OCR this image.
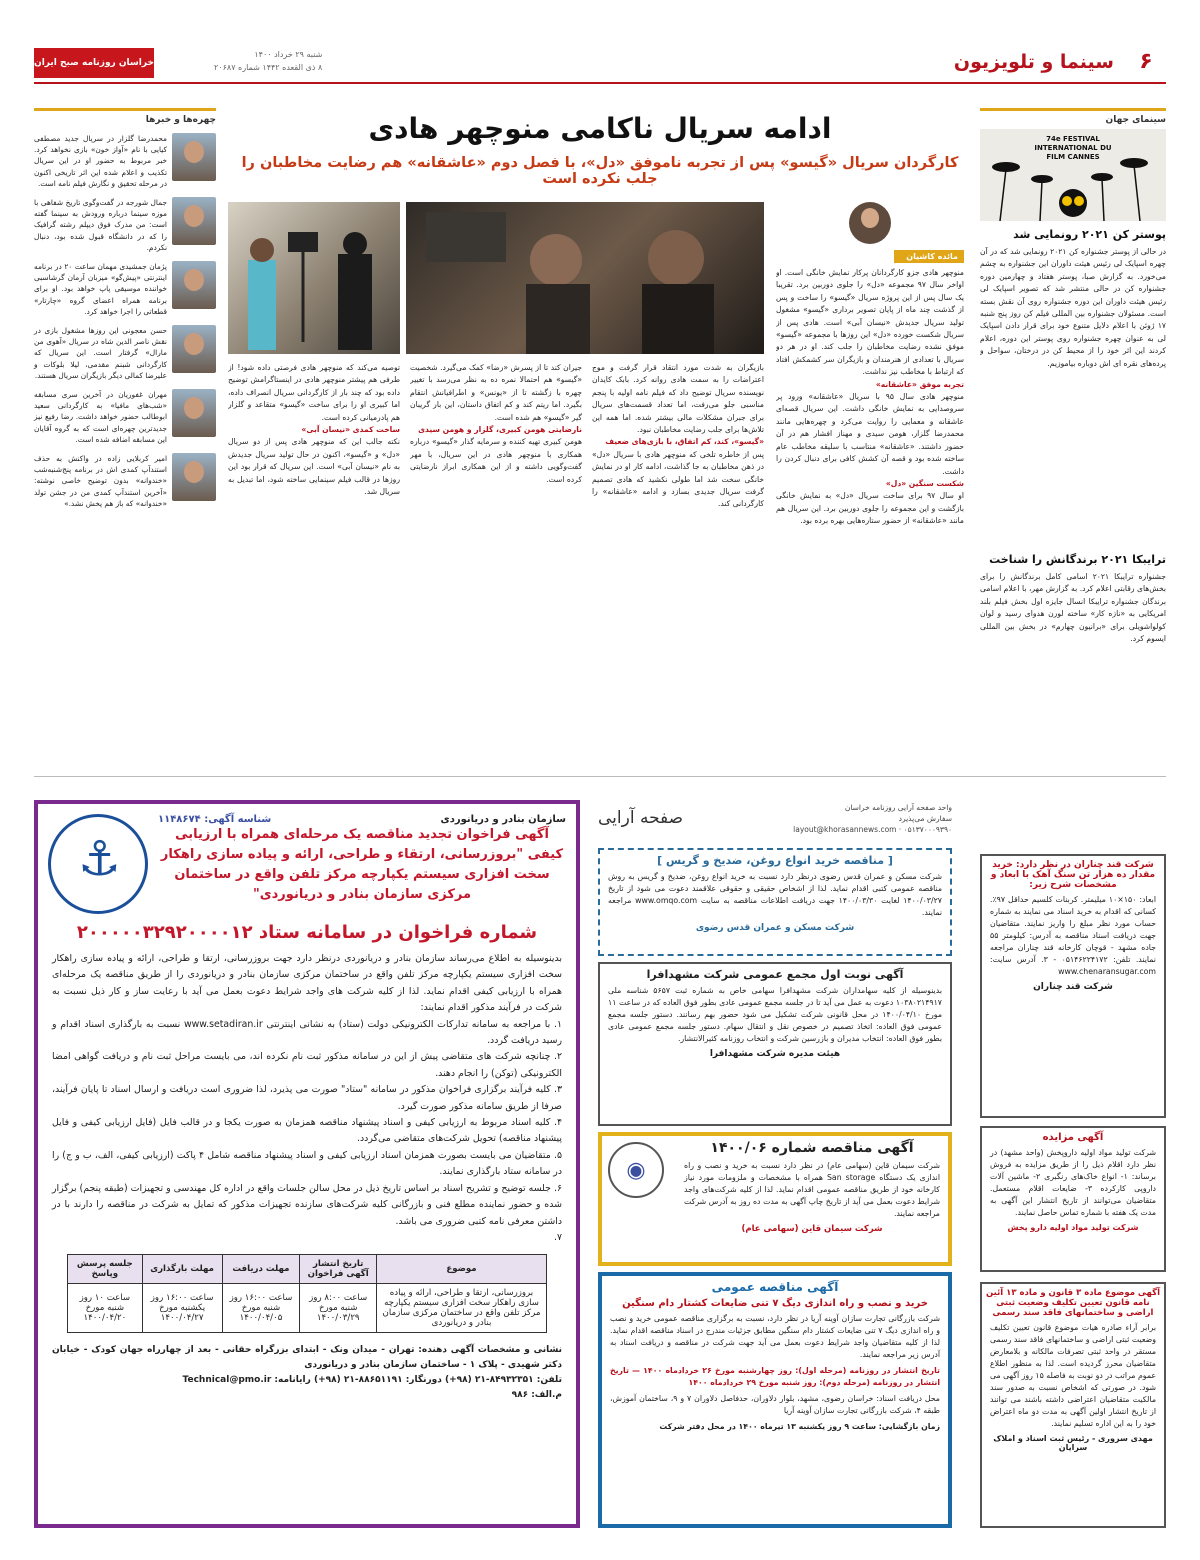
۶
سینما و تلویزیون
شنبه ۲۹ خرداد ۱۴۰۰
۸ ذی القعده ۱۴۴۲ شماره ۲۰۶۸۷
خراسان روزنامه صبح ایران
سینمای جهان
74e FESTIVAL INTERNATIONAL DU FILM CANNES
پوستر کن ۲۰۲۱ رونمایی شد
در حالی از پوستر جشنواره کن ۲۰۲۱ رونمایی شد که در آن چهره اسپایک لی رئیس هیئت داوران این جشنواره به چشم می‌خورد. به گزارش صبا، پوستر هفتاد و چهارمین دوره جشنواره کن در حالی منتشر شد که تصویر اسپایک لی رئیس هیئت داوران این دوره جشنواره روی آن نقش بسته است. مسئولان جشنواره بین المللی فیلم کن روز پنج شنبه ۱۷ ژوئن با اعلام دلایل متنوع خود برای قرار دادن اسپایک لی به عنوان چهره جشنواره روی پوستر این دوره، اعلام کردند این اثر خود را از محیط کن در درختان، سواحل و پرده‌های نقره ای اش دوباره بیاموزیم.
ترایبکا ۲۰۲۱ برندگانش را شناخت
جشنواره ترایبکا ۲۰۲۱ اسامی کامل برندگانش را برای بخش‌های رقابتی اعلام کرد. به گزارش مهر، با اعلام اسامی برندگان جشنواره ترایبکا انسال جایزه اول بخش فیلم بلند امریکایی به «نازه کار» ساخته لورن هدوای رسید و لوان کولواشویلی برای «برانیون چهارم» در بخش بین المللی ایسوم کرد.
چهره‌ها و خبرها
محمدرضا گلزار در سریال جدید مصطفی کیایی با نام «آواز خون» بازی نخواهد کرد. خبر مربوط به حضور او در این سریال تکذیب و اعلام شده این اثر تاریخی اکنون در مرحله تحقیق و نگارش فیلم نامه است.
جمال شورجه در گفت‌وگوی تاریخ شفاهی با موزه سینما درباره ورودش به سینما گفته است: من مدرک فوق دیپلم رشته گرافیک را که در دانشگاه قبول شده بود، دنبال نکردم.
پژمان جمشیدی مهمان ساعت ۲۰ در برنامه اینترنتی «پیش‌گو» میزبان آرمان گرشاسبی خواننده موسیقی پاپ خواهد بود. او برای برنامه همراه اعضای گروه «چارتار» قطعاتی را اجرا خواهد کرد.
حسن معجونی این روزها مشغول بازی در نقش ناصر الدین شاه در سریال «آهوی من مارال» گرفتار است. این سریال که کارگردانی شبنم مقدمی، لیلا بلوکات و علیرضا کمالی دیگر بازیگران سریال هستند.
مهران غفوریان در آخرین سری مسابقه «شب‌های مافیا» به کارگردانی سعید ابوطالب حضور خواهد داشت. رضا رفیع نیز جدیدترین چهره‌ای است که به گروه آقایان این مسابقه اضافه شده است.
امیر کربلایی زاده در واکنش به حذف استندآپ کمدی اش در برنامه پنج‌شنبه‌شب «خندوانه» بدون توضیح خاصی نوشته: «آخرین استندآپ کمدی من در جشن تولد «خندوانه» که باز هم پخش نشد.»
ادامه سریال ناکامی منوچهر هادی
کارگردان سریال «گیسو» پس از تجربه ناموفق «دل»، با فصل دوم «عاشقانه» هم رضایت مخاطبان را جلب نکرده است
مائده کاشیان
منوچهر هادی جزو کارگردانان پرکار نمایش خانگی است. او اواخر سال ۹۷ مجموعه «دل» را جلوی دوربین برد. تقریبا یک سال پس از این پروژه سریال «گیسو» را ساخت و پس از گذشت چند ماه از پایان تصویر برداری «گیسو» مشغول تولید سریال جدیدش «نیسان آبی» است. هادی پس از سریال شکست خورده «دل» این روزها با مجموعه «گیسو» موفق نشده رضایت مخاطبان را جلب کند. او در هر دو سریال با تعدادی از هنرمندان و بازیگران سر کشمکش افتاد که ارتباط با مخاطب نیز نداشت.
تجربه موفق «عاشقانه»
منوچهر هادی سال ۹۵ با سریال «عاشقانه» ورود پر سروصدایی به نمایش خانگی داشت. این سریال قصه‌ای عاشقانه و معمایی را روایت می‌کرد و چهره‌هایی مانند محمدرضا گلزار، هومن سیدی و مهناز افشار هم در آن حضور داشتند. «عاشقانه» منتاسب با سلیقه مخاطب عام ساخته شده بود و قصه آن کشش کافی برای دنبال کردن را داشت.
شکست سنگین «دل»
او سال ۹۷ برای ساخت سریال «دل» به نمایش خانگی بازگشت و این مجموعه را جلوی دوربین برد. این سریال هم مانند «عاشقانه» از حضور ستاره‌هایی بهره برده بود.
بازیگران به شدت مورد انتقاد قرار گرفت و موج اعتراضات را به سمت هادی روانه کرد. بابک کایدان نویسنده سریال توضیح داد که فیلم نامه اولیه با پنجم مناسبی جلو می‌رفت، اما تعداد قسمت‌های سریال برای جبران مشکلات مالی بیشتر شده. اما همه این تلاش‌ها برای جلب رضایت مخاطبان نبود.
«گیسو»، کند، کم اتفاق، با بازی‌های ضعیف
پس از خاطره تلخی که منوچهر هادی با سریال «دل» در ذهن مخاطبان به جا گذاشت، ادامه کار او در نمایش خانگی سخت شد اما طولی نکشید که هادی تصمیم گرفت سریال جدیدی بسازد و ادامه «عاشقانه» را کارگردانی کند.
جیران کند تا از پسرش «رضا» کمک می‌گیرد. شخصیت «گیسو» هم احتمالا نمره ده به نظر می‌رسد با تغییر چهره با زگشته تا از «یونس» و اطرافیانش انتقام بگیرد. اما ریتم کند و کم اتفاق داستان، این بار گریبان گیر «گیسو» هم شده است.
نارضایتی هومن کبیری، گلزار و هومن سیدی
هومن کبیری تهیه کننده و سرمایه گذار «گیسو» درباره همکاری با منوچهر هادی در این سریال، با مهر گفت‌وگویی داشته و از این همکاری ابراز نارضایتی کرده است.
توصیه می‌کند که منوچهر هادی فرصتی داده شود! از طرفی هم پیشتر منوچهر هادی در اینستاگرامش توضیح داده بود که چند بار از کارگردانی سریال انصراف داده، اما کبیری او را برای ساخت «گیسو» متقاعد و گلزار هم پادرمیانی کرده است.
ساخت کمدی «نیسان آبی»
نکته جالب این که منوچهر هادی پس از دو سریال «دل» و «گیسو»، اکنون در حال تولید سریال جدیدش به نام «نیسان آبی» است. این سریال که قرار بود این روزها در قالب فیلم سینمایی ساخته شود، اما تبدیل به سریال شد.
سازمان بنادر و دریانوردی
شناسه آگهی: ۱۱۴۸۶۷۴
آگهی فراخوان تجدید مناقصه یک مرحله‌ای همراه با ارزیابی کیفی "بروزرسانی، ارتقاء و طراحی، ارائه و پیاده سازی راهکار سخت افزاری سیستم یکپارچه مرکز تلفن واقع در ساختمان مرکزی سازمان بنادر و دریانوردی"
⚓
شماره فراخوان در سامانه ستاد ۲۰۰۰۰۰۳۲۹۲۰۰۰۰۱۲
بدینوسیله به اطلاع می‌رساند سازمان بنادر و دریانوردی درنظر دارد جهت بروزرسانی، ارتقا و طراحی، ارائه و پیاده سازی راهکار سخت افزاری سیستم یکپارچه مرکز تلفن واقع در ساختمان مرکزی سازمان بنادر و دریانوردی را از طریق مناقصه یک مرحله‌ای همراه با ارزیابی کیفی اقدام نماید. لذا از کلیه شرکت های واجد شرایط دعوت بعمل می آید با رعایت ساز و کار ذیل نسبت به شرکت در فرآیند مذکور اقدام نمایند:
۱. با مراجعه به سامانه تدارکات الکترونیکی دولت (ستاد) به نشانی اینترنتی www.setadiran.ir نسبت به بارگذاری اسناد اقدام و رسید دریافت گردد.
۲. چنانچه شرکت های متقاضی پیش از این در سامانه مذکور ثبت نام نکرده اند، می بایست مراحل ثبت نام و دریافت گواهی امضا الکترونیکی (توکن) را انجام دهند.
۳. کلیه فرآیند برگزاری فراخوان مذکور در سامانه "ستاد" صورت می پذیرد، لذا ضروری است دریافت و ارسال اسناد تا پایان فرآیند، صرفا از طریق سامانه مذکور صورت گیرد.
۴. کلیه اسناد مربوط به ارزیابی کیفی و اسناد پیشنهاد مناقصه همزمان به صورت یکجا و در قالب فایل (فایل ارزیابی کیفی و فایل پیشنهاد مناقصه) تحویل شرکت‌های متقاضی می‌گردد.
۵. متقاضیان می بایست بصورت همزمان اسناد ارزیابی کیفی و اسناد پیشنهاد مناقصه شامل ۴ پاکت (ارزیابی کیفی، الف، ب و ج) را در سامانه ستاد بارگذاری نمایند.
۶. جلسه توضیح و تشریح اسناد بر اساس تاریخ ذیل در محل سالن جلسات واقع در اداره کل مهندسی و تجهیزات (طبقه پنجم) برگزار شده و حضور نماینده مطلع فنی و بازرگانی کلیه شرکت‌های سازنده تجهیزات مذکور که تمایل به شرکت در مناقصه را دارند با در داشتن معرفی نامه کتبی ضروری می باشد.
۷.
موضوع	تاریخ انتشار آگهی فراخوان	مهلت دریافت	مهلت بارگذاری	جلسه پرسش وپاسخ
بروزرسانی، ارتقا و طراحی، ارائه و پیاده سازی راهکار سخت افزاری سیستم یکپارچه مرکز تلفن واقع در ساختمان مرکزی سازمان بنادر و دریانوردی	ساعت ۸:۰۰ روز شنبه مورخ ۱۴۰۰/۰۳/۲۹	ساعت ۱۶:۰۰ روز شنبه مورخ ۱۴۰۰/۰۴/۰۵	ساعت ۱۶:۰۰ روز یکشنبه مورخ ۱۴۰۰/۰۴/۲۷	ساعت ۱۰ روز شنبه مورخ ۱۴۰۰/۰۴/۲۰
نشانی و مشخصات آگهی دهنده: تهران - میدان ونک - ابتدای بزرگراه حقانی - بعد از چهارراه جهان کودک - خیابان دکتر شهیدی - پلاک ۱ - ساختمان سازمان بنادر و دریانوردی
تلفن: ۸۴۹۳۲۳۵۱-۲۱ (۹۸+) دورنگار: ۸۸۶۵۱۱۹۱-۲۱ (۹۸+) رایانامه: Technical@pmo.ir
م.الف: ۹۸۶
واحد صفحه آرایی روزنامه خراسان
سفارش می‌پذیرد
layout@khorasannews.com · ۰۵۱۳۷۰۰۰۹۳۹۰
صفحه آرایی
[ مناقصه خرید انواع روغن، ضدیخ و گریس ]
شرکت مسکن و عمران قدس رضوی درنظر دارد نسبت به خرید انواع روغن، ضدیخ و گریس به روش مناقصه عمومی کتبی اقدام نماید. لذا از اشخاص حقیقی و حقوقی علاقمند دعوت می شود از تاریخ ۱۴۰۰/۰۳/۲۷ لغایت ۱۴۰۰/۰۳/۳۰ جهت دریافت اطلاعات مناقصه به سایت www.omqo.com مراجعه نمایند.
شرکت مسکن و عمران قدس رضوی
آگهی نوبت اول مجمع عمومی شرکت مشهدافرا
بدینوسیله از کلیه سهامداران شرکت مشهدافرا سهامی خاص به شماره ثبت ۵۶۵۷ شناسه ملی ۱۰۳۸۰۲۱۴۹۱۷ دعوت به عمل می آید تا در جلسه مجمع عمومی عادی بطور فوق العاده که در ساعت ۱۱ مورخ ۱۴۰۰/۰۴/۱۰ در محل قانونی شرکت تشکیل می شود حضور بهم رسانند. دستور جلسه مجمع عمومی فوق العاده: اتخاذ تصمیم در خصوص نقل و انتقال سهام. دستور جلسه مجمع عمومی عادی بطور فوق العاده: انتخاب مدیران و بازرسین شرکت و انتخاب روزنامه کثیرالانتشار.
هیئت مدیره شرکت مشهدافرا
آگهی مناقصه شماره ۱۴۰۰/۰۶
شرکت سیمان قاین (سهامی عام) در نظر دارد نسبت به خرید و نصب و راه اندازی یک دستگاه San storage همراه با مشخصات و ملزومات مورد نیاز کارخانه خود از طریق مناقصه عمومی اقدام نماید. لذا از کلیه شرکت‌های واجد شرایط دعوت بعمل می آید از تاریخ چاپ آگهی به مدت ده روز به آدرس شرکت مراجعه نمایند.
شرکت سیمان قاین (سهامی عام)
◉
آگهی مناقصه عمومی
خرید و نصب و راه اندازی دیگ ۷ تنی ضایعات کشتار دام سنگین
شرکت بازرگانی تجارت سازان آوینه آریا در نظر دارد، نسبت به برگزاری مناقصه عمومی خرید و نصب و راه اندازی دیگ ۷ تنی ضایعات کشتار دام سنگین مطابق جزئیات مندرج در اسناد مناقصه اقدام نماید. لذا از کلیه متقاضیان واجد شرایط دعوت بعمل می آید جهت شرکت در مناقصه و دریافت اسناد به آدرس زیر مراجعه نمایند.
تاریخ انتشار در روزنامه (مرحله اول): روز چهارشنبه مورخ ۲۶ خردادماه ۱۴۰۰ — تاریخ انتشار در روزنامه (مرحله دوم): روز شنبه مورخ ۲۹ خردادماه ۱۴۰۰
محل دریافت اسناد: خراسان رضوی، مشهد، بلوار دلاوران، حدفاصل دلاوران ۷ و ۹، ساختمان آموزش، طبقه ۴، شرکت بازرگانی تجارت سازان آوینه آریا
زمان بازگشایی: ساعت ۹ روز یکشنبه ۱۳ تیرماه ۱۴۰۰ در محل دفتر شرکت
شرکت قند چناران در نظر دارد: خرید مقدار ده هزار تن سنگ آهک با ابعاد و مشخصات شرح زیر:
ابعاد: ۱۵۰×۱۰ میلیمتر. کربنات کلسیم حداقل ۹۷٪. کسانی که اقدام به خرید اسناد می نمایند به شماره حساب مورد نظر مبلغ را واریز نمایند. متقاضیان جهت دریافت اسناد مناقصه به آدرس: کیلومتر ۵۵ جاده مشهد - قوچان کارخانه قند چناران مراجعه نمایند. تلفن: ۰۵۱۴۶۲۲۴۱۷۲ - ۳. آدرس سایت: www.chenaransugar.com
شرکت قند چناران
آگهی مزایده
شرکت تولید مواد اولیه داروپخش (واحد مشهد) در نظر دارد اقلام ذیل را از طریق مزایده به فروش برساند: ۱- انواع خاک‌های رنگبری ۲- ماشین آلات داروپی کارکرده ۳- ضایعات اقلام مستعمل. متقاضیان می‌توانند از تاریخ انتشار این آگهی به مدت یک هفته با شماره تماس حاصل نمایند.
شرکت تولید مواد اولیه دارو پخش
آگهی موضوع ماده ۳ قانون و ماده ۱۳ آئین نامه قانون تعیین تکلیف وضعیت ثبتی اراضی و ساختمانهای فاقد سند رسمی
برابر آراء صادره هیات موضوع قانون تعیین تکلیف وضعیت ثبتی اراضی و ساختمانهای فاقد سند رسمی مستقر در واحد ثبتی تصرفات مالکانه و بلامعارض متقاضیان محرز گردیده است. لذا به منظور اطلاع عموم مراتب در دو نوبت به فاصله ۱۵ روز آگهی می شود. در صورتی که اشخاص نسبت به صدور سند مالکیت متقاضیان اعتراضی داشته باشند می توانند از تاریخ انتشار اولین آگهی به مدت دو ماه اعتراض خود را به این اداره تسلیم نمایند.
مهدی سروری - رئیس ثبت اسناد و املاک سرایان
